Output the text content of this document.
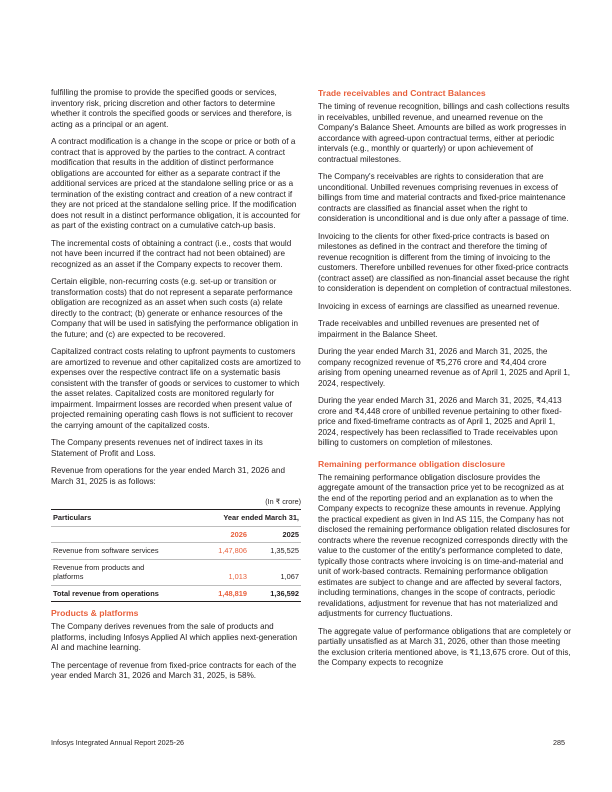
fulfilling the promise to provide the specified goods or services, inventory risk, pricing discretion and other factors to determine whether it controls the specified goods or services and therefore, is acting as a principal or an agent.

A contract modification is a change in the scope or price or both of a contract that is approved by the parties to the contract. A contract modification that results in the addition of distinct performance obligations are accounted for either as a separate contract if the additional services are priced at the standalone selling price or as a termination of the existing contract and creation of a new contract if they are not priced at the standalone selling price. If the modification does not result in a distinct performance obligation, it is accounted for as part of the existing contract on a cumulative catch-up basis.

The incremental costs of obtaining a contract (i.e., costs that would not have been incurred if the contract had not been obtained) are recognized as an asset if the Company expects to recover them.

Certain eligible, non-recurring costs (e.g. set-up or transition or transformation costs) that do not represent a separate performance obligation are recognized as an asset when such costs (a) relate directly to the contract; (b) generate or enhance resources of the Company that will be used in satisfying the performance obligation in the future; and (c) are expected to be recovered.

Capitalized contract costs relating to upfront payments to customers are amortized to revenue and other capitalized costs are amortized to expenses over the respective contract life on a systematic basis consistent with the transfer of goods or services to customer to which the asset relates. Capitalized costs are monitored regularly for impairment. Impairment losses are recorded when present value of projected remaining operating cash flows is not sufficient to recover the carrying amount of the capitalized costs.

The Company presents revenues net of indirect taxes in its Statement of Profit and Loss.

Revenue from operations for the year ended March 31, 2026 and March 31, 2025 is as follows:

(In ₹ crore)
Particulars	Year ended March 31,	
	2026	2025
Revenue from software services	1,47,806	1,35,525
Revenue from products and platforms	1,013	1,067
Total revenue from operations	1,48,819	1,36,592
Products & platforms

The Company derives revenues from the sale of products and platforms, including Infosys Applied AI which applies next-generation AI and machine learning.

The percentage of revenue from fixed-price contracts for each of the year ended March 31, 2026 and March 31, 2025, is 58%.

Trade receivables and Contract Balances

The timing of revenue recognition, billings and cash collections results in receivables, unbilled revenue, and unearned revenue on the Company's Balance Sheet. Amounts are billed as work progresses in accordance with agreed-upon contractual terms, either at periodic intervals (e.g., monthly or quarterly) or upon achievement of contractual milestones.

The Company's receivables are rights to consideration that are unconditional. Unbilled revenues comprising revenues in excess of billings from time and material contracts and fixed-price maintenance contracts are classified as financial asset when the right to consideration is unconditional and is due only after a passage of time.

Invoicing to the clients for other fixed-price contracts is based on milestones as defined in the contract and therefore the timing of revenue recognition is different from the timing of invoicing to the customers. Therefore unbilled revenues for other fixed-price contracts (contract asset) are classified as non-financial asset because the right to consideration is dependent on completion of contractual milestones.

Invoicing in excess of earnings are classified as unearned revenue.

Trade receivables and unbilled revenues are presented net of impairment in the Balance Sheet.

During the year ended March 31, 2026 and March 31, 2025, the company recognized revenue of ₹5,276 crore and ₹4,404 crore arising from opening unearned revenue as of April 1, 2025 and April 1, 2024, respectively.

During the year ended March 31, 2026 and March 31, 2025, ₹4,413 crore and ₹4,448 crore of unbilled revenue pertaining to other fixed-price and fixed-timeframe contracts as of April 1, 2025 and April 1, 2024, respectively has been reclassified to Trade receivables upon billing to customers on completion of milestones.

Remaining performance obligation disclosure

The remaining performance obligation disclosure provides the aggregate amount of the transaction price yet to be recognized as at the end of the reporting period and an explanation as to when the Company expects to recognize these amounts in revenue. Applying the practical expedient as given in Ind AS 115, the Company has not disclosed the remaining performance obligation related disclosures for contracts where the revenue recognized corresponds directly with the value to the customer of the entity's performance completed to date, typically those contracts where invoicing is on time-and-material and unit of work-based contracts. Remaining performance obligation estimates are subject to change and are affected by several factors, including terminations, changes in the scope of contracts, periodic revalidations, adjustment for revenue that has not materialized and adjustments for currency fluctuations.

The aggregate value of performance obligations that are completely or partially unsatisfied as at March 31, 2026, other than those meeting the exclusion criteria mentioned above, is ₹1,13,675 crore. Out of this, the Company expects to recognize

Infosys Integrated Annual Report 2025-26	285
